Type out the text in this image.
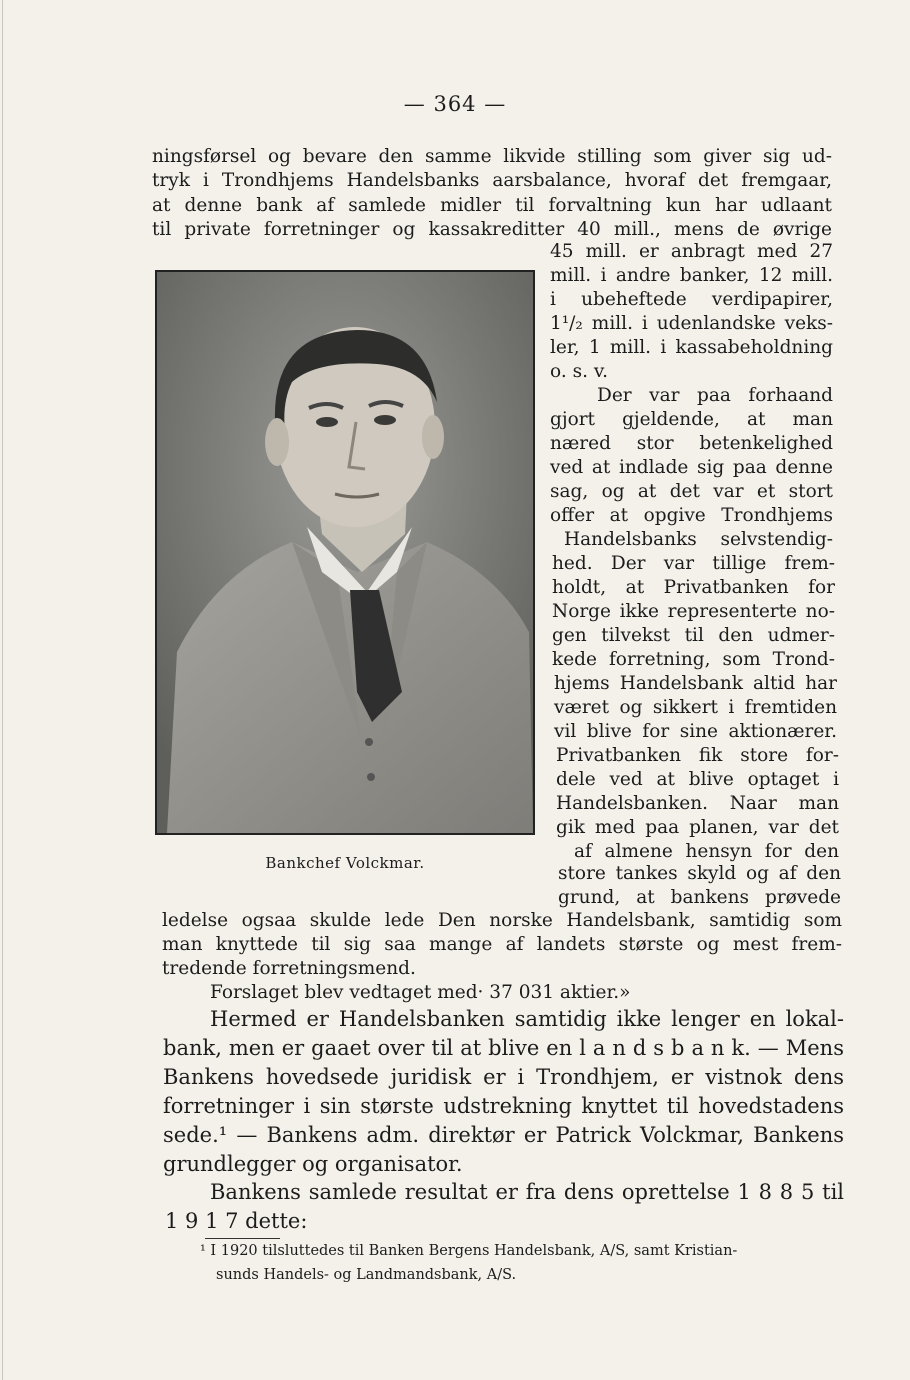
— 364 —
ningsførsel og bevare den samme likvide stilling som giver sig ud-
tryk i Trondhjems Handelsbanks aarsbalance, hvoraf det fremgaar,
at denne bank af samlede midler til forvaltning kun har udlaant
til private forretninger og kassakreditter 40 mill., mens de øvrige
Bankchef Volckmar.
45 mill. er anbragt med 27
mill. i andre banker, 12 mill.
i ubeheftede verdipapirer,
1¹/₂ mill. i udenlandske veks-
ler, 1 mill. i kassabeholdning
o. s. v.
Der var paa forhaand
gjort gjeldende, at man
næred stor betenkelighed
ved at indlade sig paa denne
sag, og at det var et stort
offer at opgive Trondhjems
Handelsbanks selvstendig-
hed. Der var tillige frem-
holdt, at Privatbanken for
Norge ikke representerte no-
gen tilvekst til den udmer-
kede forretning, som Trond-
hjems Handelsbank altid har
været og sikkert i fremtiden
vil blive for sine aktionærer.
Privatbanken fik store for-
dele ved at blive optaget i
Handelsbanken. Naar man
gik med paa planen, var det
af almene hensyn for den
store tankes skyld og af den
grund, at bankens prøvede
ledelse ogsaa skulde lede Den norske Handelsbank, samtidig som
man knyttede til sig saa mange af landets største og mest frem-
tredende forretningsmend.
Forslaget blev vedtaget med· 37 031 aktier.»
Hermed er Handelsbanken samtidig ikke lenger en lokal-
bank, men er gaaet over til at blive en l a n d s b a n k. — Mens
Bankens hovedsede juridisk er i Trondhjem, er vistnok dens
forretninger i sin største udstrekning knyttet til hovedstadens
sede.¹ — Bankens adm. direktør er Patrick Volckmar, Bankens
grundlegger og organisator.
Bankens samlede resultat er fra dens oprettelse 1 8 8 5 til
1 9 1 7 dette:
¹ I 1920 tilsluttedes til Banken Bergens Handelsbank, A/S, samt Kristian-
sunds Handels- og Landmandsbank, A/S.
